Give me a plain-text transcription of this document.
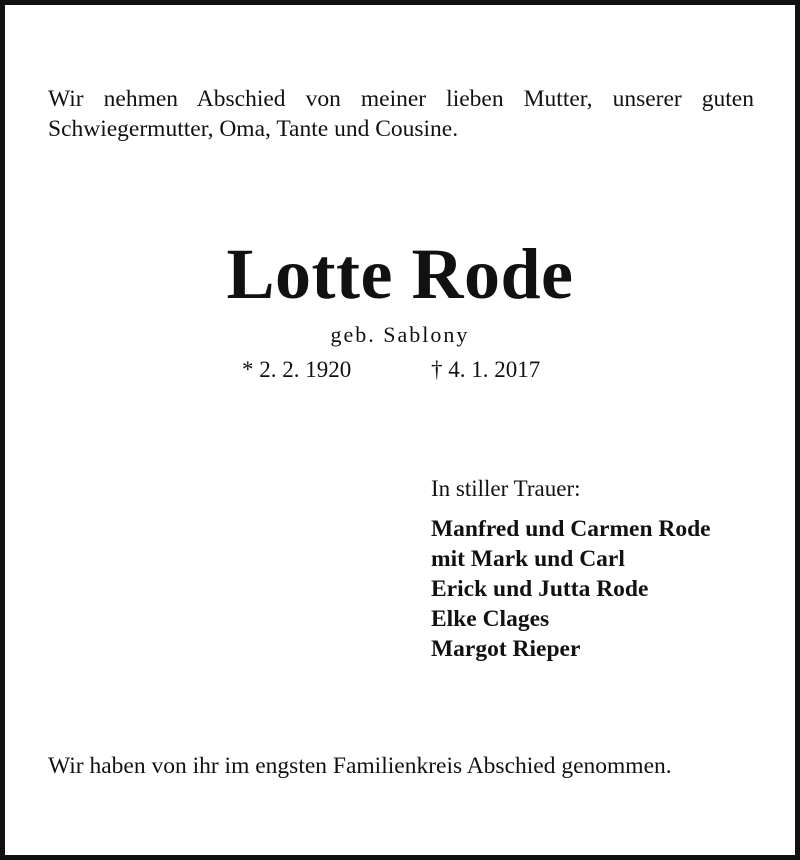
Wir nehmen Abschied von meiner lieben Mutter, unserer guten Schwiegermutter, Oma, Tante und Cousine.
Lotte Rode
geb. Sablony
* 2. 2. 1920	† 4. 1. 2017
In stiller Trauer:
Manfred und Carmen Rode
mit Mark und Carl
Erick und Jutta Rode
Elke Clages
Margot Rieper
Wir haben von ihr im engsten Familienkreis Abschied genommen.
